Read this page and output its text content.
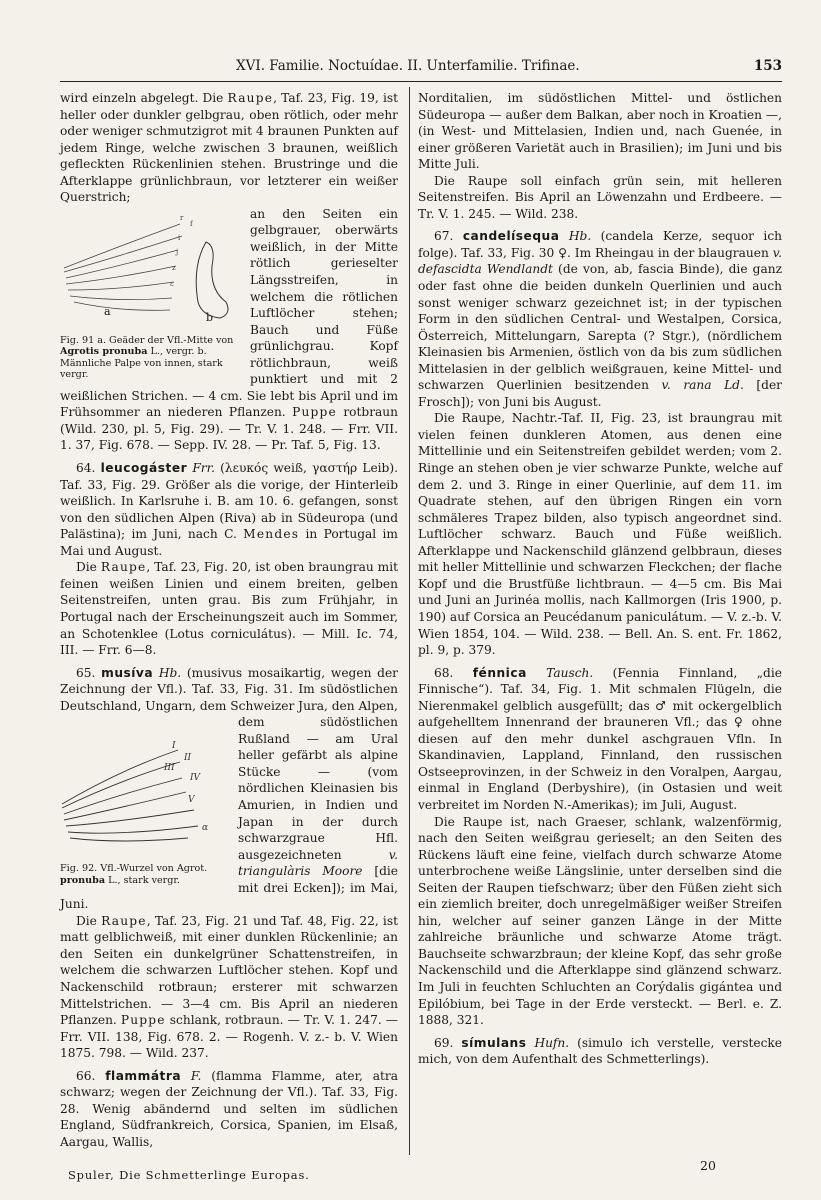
XVI. Familie. Noctuídae. II. Unterfamilie. Trifinae.	153

wird einzeln abgelegt. Die Raupe, Taf. 23, Fig. 19, ist heller oder dunkler gelbgrau, oben rötlich, oder mehr oder weniger schmutzigrot mit 4 braunen Punkten auf jedem Ringe, welche zwischen 3 braunen, weißlich gefleckten Rückenlinien stehen. Brustringe und die Afterklappe grünlichbraun, vor letzterer ein weißer Querstrich;

r
f
i
j
z
ε
a	b
Fig. 91 a. Geäder der Vfl.-Mitte von Agrotis pronuba L., vergr. b. Männliche Palpe von innen, stark vergr.

an den Seiten ein gelbgrauer, oberwärts weißlich, in der Mitte rötlich gerieselter Längsstreifen, in welchem die rötlichen Luftlöcher stehen; Bauch und Füße grünlichgrau. Kopf rötlichbraun, weiß punktiert und mit 2 weißlichen Strichen. — 4 cm. Sie lebt bis April und im Frühsommer an niederen Pflanzen. Puppe rotbraun (Wild. 230, pl. 5, Fig. 29). — Tr. V. 1. 248. — Frr. VII. 1. 37, Fig. 678. — Sepp. IV. 28. — Pr. Taf. 5, Fig. 13.

64. leucogáster Frr. (λευκός weiß, γαστήρ Leib). Taf. 33, Fig. 29. Größer als die vorige, der Hinterleib weißlich. In Karlsruhe i. B. am 10. 6. gefangen, sonst von den südlichen Alpen (Riva) ab in Südeuropa (und Palästina); im Juni, nach C. Mendes in Portugal im Mai und August.

Die Raupe, Taf. 23, Fig. 20, ist oben braungrau mit feinen weißen Linien und einem breiten, gelben Seitenstreifen, unten grau. Bis zum Frühjahr, in Portugal nach der Erscheinungszeit auch im Sommer, an Schotenklee (Lotus corniculátus). — Mill. Ic. 74, III. — Frr. 6—8.

65. musíva Hb. (musivus mosaikartig, wegen der Zeichnung der Vfl.). Taf. 33, Fig. 31. Im südöstlichen Deutschland, Ungarn, dem Schweizer Jura, den Alpen,

I
II
III
IV
V
α
Fig. 92. Vfl.-Wurzel von Agrot. pronuba L., stark vergr.

dem südöstlichen Rußland — am Ural heller gefärbt als alpine Stücke — (vom nördlichen Kleinasien bis Amurien, in Indien und Japan in der durch schwarzgraue Hfl. ausgezeichneten v. triangulàris Moore [die mit drei Ecken]); im Mai, Juni.

Die Raupe, Taf. 23, Fig. 21 und Taf. 48, Fig. 22, ist matt gelblichweiß, mit einer dunklen Rückenlinie; an den Seiten ein dunkelgrüner Schattenstreifen, in welchem die schwarzen Luftlöcher stehen. Kopf und Nackenschild rotbraun; ersterer mit schwarzen Mittelstrichen. — 3—4 cm. Bis April an niederen Pflanzen. Puppe schlank, rotbraun. — Tr. V. 1. 247. — Frr. VII. 138, Fig. 678. 2. — Rogenh. V. z.- b. V. Wien 1875. 798. — Wild. 237.

66. flammátra F. (flamma Flamme, ater, atra schwarz; wegen der Zeichnung der Vfl.). Taf. 33, Fig. 28. Wenig abändernd und selten im südlichen England, Südfrankreich, Corsica, Spanien, im Elsaß, Aargau, Wallis,

Norditalien, im südöstlichen Mittel- und östlichen Südeuropa — außer dem Balkan, aber noch in Kroatien —, (in West- und Mittelasien, Indien und, nach Guenée, in einer größeren Varietät auch in Brasilien); im Juni und bis Mitte Juli.

Die Raupe soll einfach grün sein, mit helleren Seitenstreifen. Bis April an Löwenzahn und Erdbeere. — Tr. V. 1. 245. — Wild. 238.

67. candelísequa Hb. (candela Kerze, sequor ich folge). Taf. 33, Fig. 30 ♀. Im Rheingau in der blaugrauen v. defascidta Wendlandt (de von, ab, fascia Binde), die ganz oder fast ohne die beiden dunkeln Querlinien und auch sonst weniger schwarz gezeichnet ist; in der typischen Form in den südlichen Central- und Westalpen, Corsica, Österreich, Mittelungarn, Sarepta (? Stgr.), (nördlichem Kleinasien bis Armenien, östlich von da bis zum südlichen Mittelasien in der gelblich weißgrauen, keine Mittel- und schwarzen Querlinien besitzenden v. rana Ld. [der Frosch]); von Juni bis August.

Die Raupe, Nachtr.-Taf. II, Fig. 23, ist braungrau mit vielen feinen dunkleren Atomen, aus denen eine Mittellinie und ein Seitenstreifen gebildet werden; vom 2. Ringe an stehen oben je vier schwarze Punkte, welche auf dem 2. und 3. Ringe in einer Querlinie, auf dem 11. im Quadrate stehen, auf den übrigen Ringen ein vorn schmäleres Trapez bilden, also typisch angeordnet sind. Luftlöcher schwarz. Bauch und Füße weißlich. Afterklappe und Nackenschild glänzend gelbbraun, dieses mit heller Mittellinie und schwarzen Fleckchen; der flache Kopf und die Brustfüße lichtbraun. — 4—5 cm. Bis Mai und Juni an Jurinéa mollis, nach Kallmorgen (Iris 1900, p. 190) auf Corsica an Peucédanum paniculátum. — V. z.-b. V. Wien 1854, 104. — Wild. 238. — Bell. An. S. ent. Fr. 1862, pl. 9, p. 379.

68. fénnica Tausch. (Fennia Finnland, „die Finnische“). Taf. 34, Fig. 1. Mit schmalen Flügeln, die Nierenmakel gelblich ausgefüllt; das ♂ mit ockergelblich aufgehelltem Innenrand der brauneren Vfl.; das ♀ ohne diesen auf den mehr dunkel aschgrauen Vfln. In Skandinavien, Lappland, Finnland, den russischen Ostseeprovinzen, in der Schweiz in den Voralpen, Aargau, einmal in England (Derbyshire), (in Ostasien und weit verbreitet im Norden N.-Amerikas); im Juli, August.

Die Raupe ist, nach Graeser, schlank, walzenförmig, nach den Seiten weißgrau gerieselt; an den Seiten des Rückens läuft eine feine, vielfach durch schwarze Atome unterbrochene weiße Längslinie, unter derselben sind die Seiten der Raupen tiefschwarz; über den Füßen zieht sich ein ziemlich breiter, doch unregelmäßiger weißer Streifen hin, welcher auf seiner ganzen Länge in der Mitte zahlreiche bräunliche und schwarze Atome trägt. Bauchseite schwarzbraun; der kleine Kopf, das sehr große Nackenschild und die Afterklappe sind glänzend schwarz. Im Juli in feuchten Schluchten an Corýdalis gigántea und Epilóbium, bei Tage in der Erde versteckt. — Berl. e. Z. 1888, 321.

69. símulans Hufn. (simulo ich verstelle, verstecke mich, von dem Aufenthalt des Schmetterlings).

Spuler, Die Schmetterlinge Europas.
20
